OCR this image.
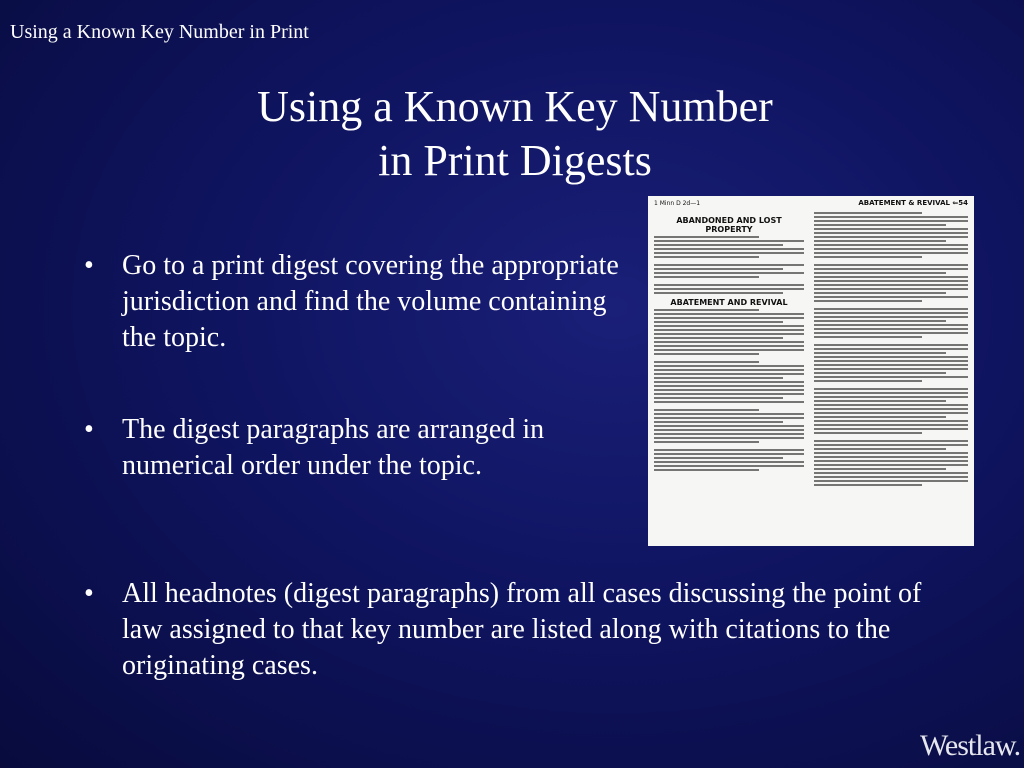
Using a Known Key Number in Print
Using a Known Key Number
in Print Digests
•	Go to a print digest covering the appropriate jurisdiction and find the volume containing the topic.
•	The digest paragraphs are arranged in numerical order under the topic.
•	All headnotes (digest paragraphs) from all cases discussing the point of law assigned to that key number are listed along with citations to the originating cases.
1 Minn D 2d—1	ABATEMENT & REVIVAL ⇐54
ABANDONED AND LOST PROPERTY
ABATEMENT AND REVIVAL
Westlaw.
